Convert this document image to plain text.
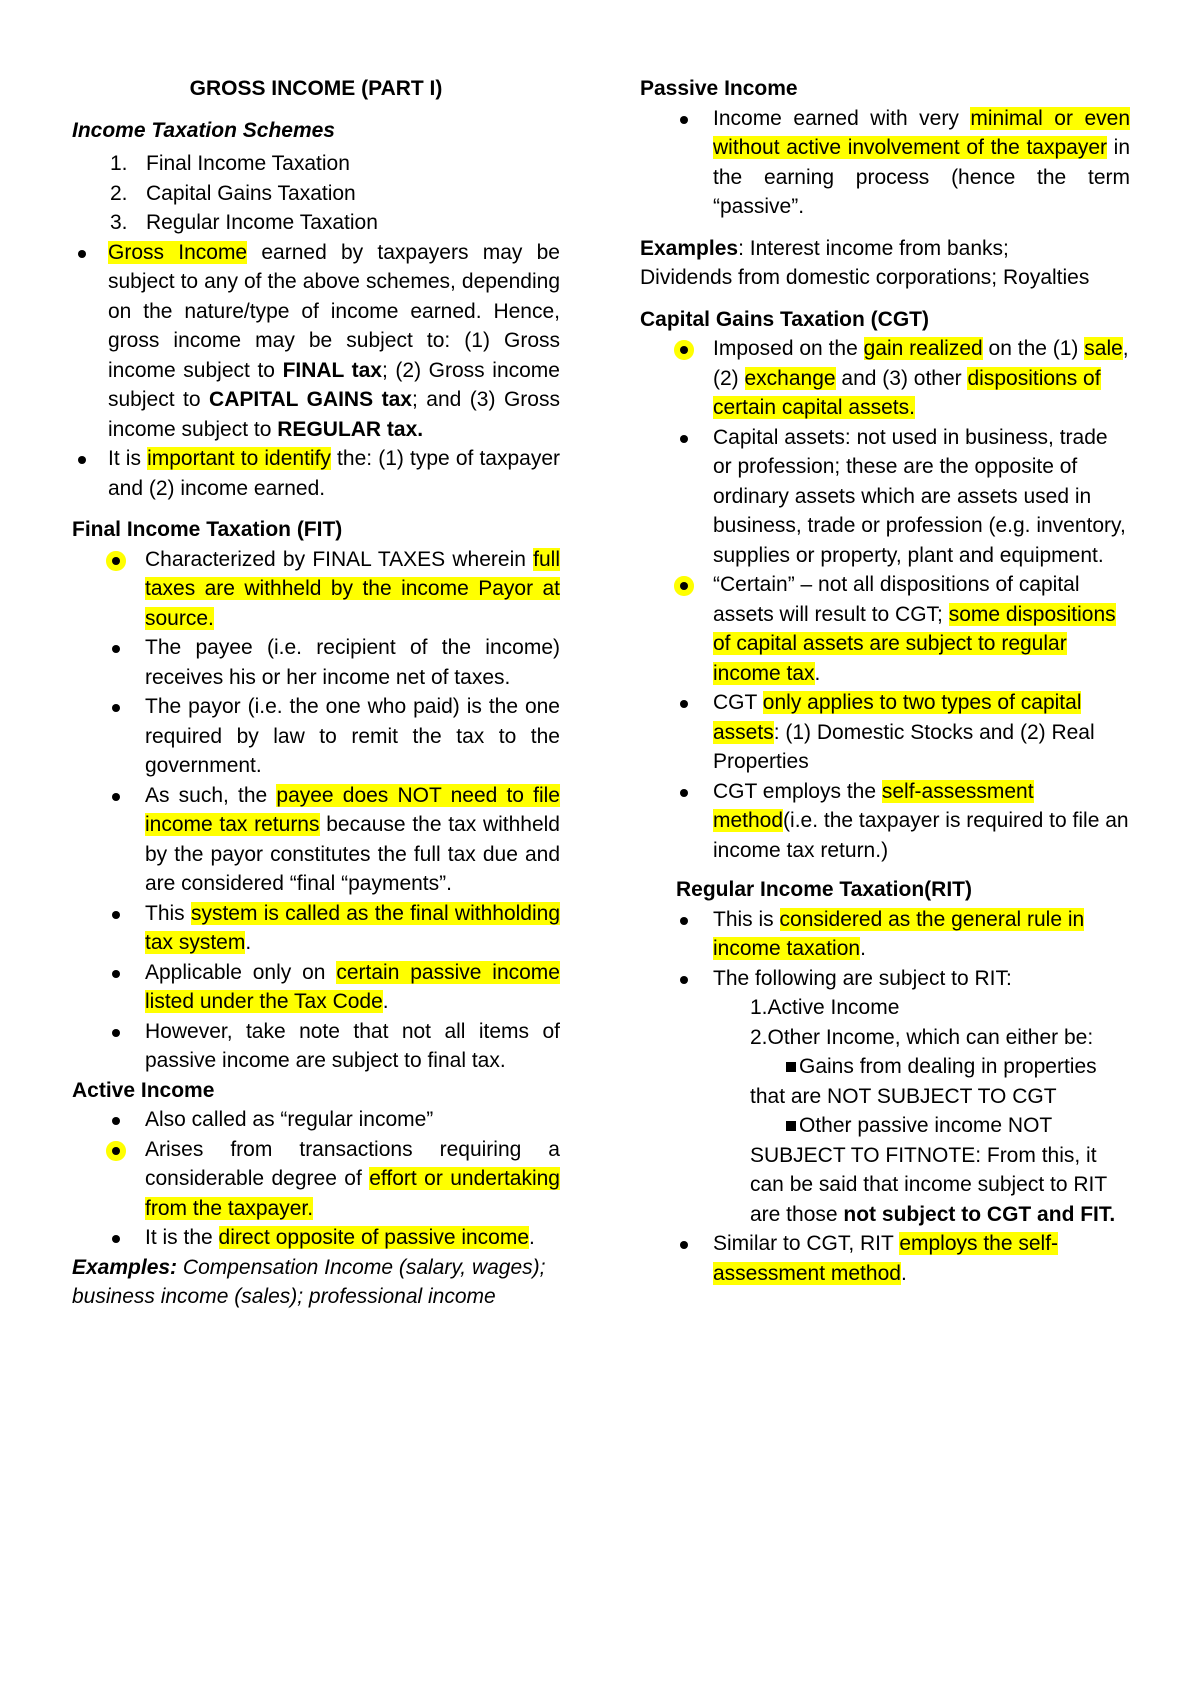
GROSS INCOME (PART I)
Income Taxation Schemes
1. Final Income Taxation
2. Capital Gains Taxation
3. Regular Income Taxation
Gross Income earned by taxpayers may be subject to any of the above schemes, depending on the nature/type of income earned. Hence, gross income may be subject to: (1) Gross income subject to FINAL tax; (2) Gross income subject to CAPITAL GAINS tax; and (3) Gross income subject to REGULAR tax.
It is important to identify the: (1) type of taxpayer and (2) income earned.
Final Income Taxation (FIT)
Characterized by FINAL TAXES wherein full taxes are withheld by the income Payor at source.
The payee (i.e. recipient of the income) receives his or her income net of taxes.
The payor (i.e. the one who paid) is the one required by law to remit the tax to the government.
As such, the payee does NOT need to file income tax returns because the tax withheld by the payor constitutes the full tax due and are considered “final “payments”.
This system is called as the final withholding tax system.
Applicable only on certain passive income listed under the Tax Code.
However, take note that not all items of passive income are subject to final tax.
Active Income
Also called as “regular income”
Arises from transactions requiring a considerable degree of effort or undertaking from the taxpayer.
It is the direct opposite of passive income.
Examples: Compensation Income (salary, wages); business income (sales); professional income
Passive Income
Income earned with very minimal or even without active involvement of the taxpayer in the earning process (hence the term “passive”.
Examples: Interest income from banks;
Dividends from domestic corporations; Royalties
Capital Gains Taxation (CGT)
Imposed on the gain realized on the (1) sale, (2) exchange and (3) other dispositions of certain capital assets.
Capital assets: not used in business, trade or profession; these are the opposite of ordinary assets which are assets used in business, trade or profession (e.g. inventory, supplies or property, plant and equipment.
“Certain” – not all dispositions of capital assets will result to CGT; some dispositions of capital assets are subject to regular income tax.
CGT only applies to two types of capital assets: (1) Domestic Stocks and (2) Real Properties
CGT employs the self-assessment method(i.e. the taxpayer is required to file an income tax return.)
Regular Income Taxation(RIT)
This is considered as the general rule in income taxation.
The following are subject to RIT:
1.Active Income
2.Other Income, which can either be:
Gains from dealing in properties
that are NOT SUBJECT TO CGT
Other passive income NOT
SUBJECT TO FITNOTE: From this, it can be said that income subject to RIT are those not subject to CGT and FIT.
Similar to CGT, RIT employs the self-assessment method.
